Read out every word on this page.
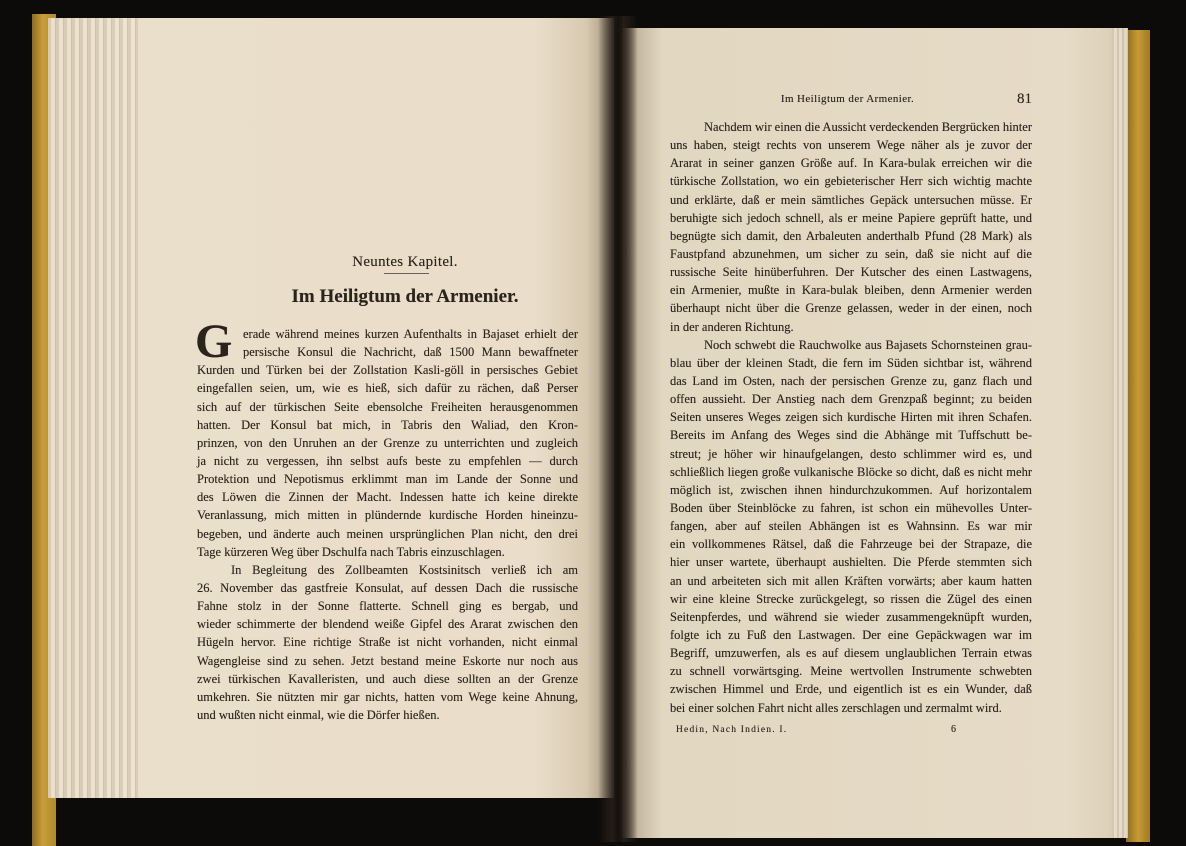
Neuntes Kapitel.
Im Heiligtum der Armenier.
G erade während meines kurzen Aufenthalts in Bajaset erhielt der
persische Konsul die Nachricht, daß 1500 Mann bewaffneter
Kurden und Türken bei der Zollstation Kasli-göll in persisches Gebiet
eingefallen seien, um, wie es hieß, sich dafür zu rächen, daß Perser
sich auf der türkischen Seite ebensolche Freiheiten herausgenommen
hatten. Der Konsul bat mich, in Tabris den Waliad, den Kron-
prinzen, von den Unruhen an der Grenze zu unterrichten und zugleich
ja nicht zu vergessen, ihn selbst aufs beste zu empfehlen — durch
Protektion und Nepotismus erklimmt man im Lande der Sonne und
des Löwen die Zinnen der Macht. Indessen hatte ich keine direkte
Veranlassung, mich mitten in plündernde kurdische Horden hineinzu-
begeben, und änderte auch meinen ursprünglichen Plan nicht, den drei
Tage kürzeren Weg über Dschulfa nach Tabris einzuschlagen.
In Begleitung des Zollbeamten Kostsinitsch verließ ich am
26. November das gastfreie Konsulat, auf dessen Dach die russische
Fahne stolz in der Sonne flatterte. Schnell ging es bergab, und
wieder schimmerte der blendend weiße Gipfel des Ararat zwischen den
Hügeln hervor. Eine richtige Straße ist nicht vorhanden, nicht einmal
Wagengleise sind zu sehen. Jetzt bestand meine Eskorte nur noch aus
zwei türkischen Kavalleristen, und auch diese sollten an der Grenze
umkehren. Sie nützten mir gar nichts, hatten vom Wege keine Ahnung,
und wußten nicht einmal, wie die Dörfer hießen.
Im Heiligtum der Armenier.	81
Nachdem wir einen die Aussicht verdeckenden Bergrücken hinter
uns haben, steigt rechts von unserem Wege näher als je zuvor der
Ararat in seiner ganzen Größe auf. In Kara-bulak erreichen wir die
türkische Zollstation, wo ein gebieterischer Herr sich wichtig machte
und erklärte, daß er mein sämtliches Gepäck untersuchen müsse. Er
beruhigte sich jedoch schnell, als er meine Papiere geprüft hatte, und
begnügte sich damit, den Arbaleuten anderthalb Pfund (28 Mark) als
Faustpfand abzunehmen, um sicher zu sein, daß sie nicht auf die
russische Seite hinüberfuhren. Der Kutscher des einen Lastwagens,
ein Armenier, mußte in Kara-bulak bleiben, denn Armenier werden
überhaupt nicht über die Grenze gelassen, weder in der einen, noch
in der anderen Richtung.
Noch schwebt die Rauchwolke aus Bajasets Schornsteinen grau-
blau über der kleinen Stadt, die fern im Süden sichtbar ist, während
das Land im Osten, nach der persischen Grenze zu, ganz flach und
offen aussieht. Der Anstieg nach dem Grenzpaß beginnt; zu beiden
Seiten unseres Weges zeigen sich kurdische Hirten mit ihren Schafen.
Bereits im Anfang des Weges sind die Abhänge mit Tuffschutt be-
streut; je höher wir hinaufgelangen, desto schlimmer wird es, und
schließlich liegen große vulkanische Blöcke so dicht, daß es nicht mehr
möglich ist, zwischen ihnen hindurchzukommen. Auf horizontalem
Boden über Steinblöcke zu fahren, ist schon ein mühevolles Unter-
fangen, aber auf steilen Abhängen ist es Wahnsinn. Es war mir
ein vollkommenes Rätsel, daß die Fahrzeuge bei der Strapaze, die
hier unser wartete, überhaupt aushielten. Die Pferde stemmten sich
an und arbeiteten sich mit allen Kräften vorwärts; aber kaum hatten
wir eine kleine Strecke zurückgelegt, so rissen die Zügel des einen
Seitenpferdes, und während sie wieder zusammengeknüpft wurden,
folgte ich zu Fuß den Lastwagen. Der eine Gepäckwagen war im
Begriff, umzuwerfen, als es auf diesem unglaublichen Terrain etwas
zu schnell vorwärtsging. Meine wertvollen Instrumente schwebten
zwischen Himmel und Erde, und eigentlich ist es ein Wunder, daß
bei einer solchen Fahrt nicht alles zerschlagen und zermalmt wird.
Hedin, Nach Indien. I.	6
